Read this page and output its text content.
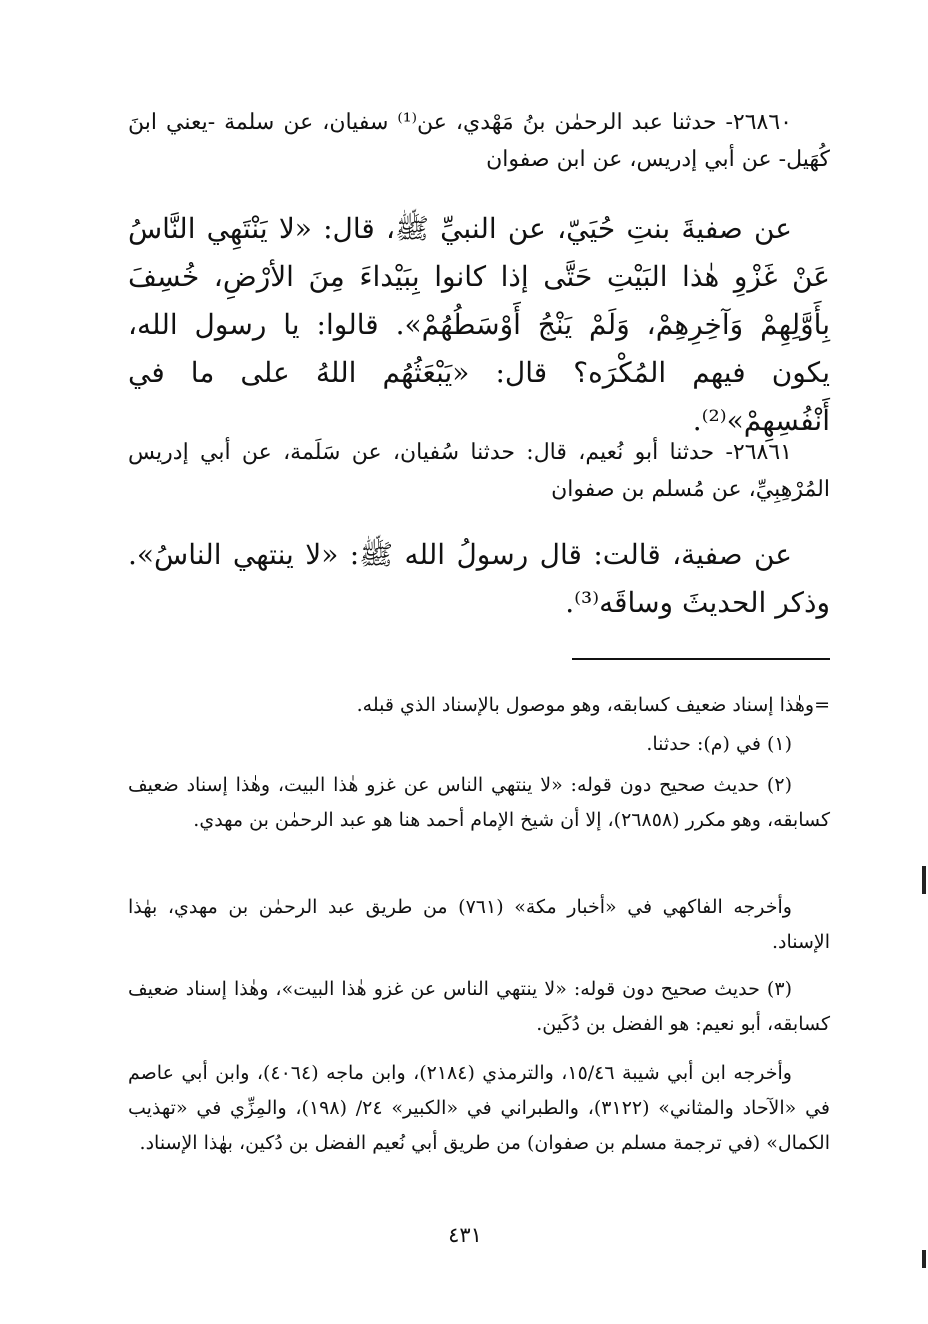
٢٦٨٦٠- حدثنا عبد الرحمٰن بنُ مَهْدي، عن⁽¹⁾ سفيان، عن سلمة -يعني ابنَ كُهَيل- عن أبي إدريس، عن ابن صفوان

عن صفيةَ بنتِ حُيَيّ، عن النبيِّ ﷺ، قال: «لا يَنْتَهِي النَّاسُ عَنْ غَزْوِ هٰذا البَيْتِ حَتَّى إذا كانوا بِبَيْداءَ مِنَ الأرْضِ، خُسِفَ بِأَوَّلِهِمْ وَآخِرِهِمْ، وَلَمْ يَنْجُ أَوْسَطُهُمْ». قالوا: يا رسول الله، يكون فيهم المُكْرَه؟ قال: «يَبْعَثُهُم اللهُ على ما في أَنْفُسِهِمْ»⁽²⁾.

٢٦٨٦١- حدثنا أبو نُعيم، قال: حدثنا سُفيان، عن سَلَمة، عن أبي إدريس المُرْهِبِيِّ، عن مُسلم بن صفوان

عن صفية، قالت: قال رسولُ الله ﷺ: «لا ينتهي الناسُ». وذكر الحديثَ وساقَه⁽³⁾.

=وهٰذا إسناد ضعيف كسابقه، وهو موصول بالإسناد الذي قبله.

(١) في (م): حدثنا.

(٢) حديث صحيح دون قوله: «لا ينتهي الناس عن غزو هٰذا البيت، وهٰذا إسناد ضعيف كسابقه، وهو مكرر (٢٦٨٥٨)، إلا أن شيخ الإمام أحمد هنا هو عبد الرحمٰن بن مهدي.

وأخرجه الفاكهي في «أخبار مكة» (٧٦١) من طريق عبد الرحمٰن بن مهدي، بهٰذا الإسناد.

(٣) حديث صحيح دون قوله: «لا ينتهي الناس عن غزو هٰذا البيت»، وهٰذا إسناد ضعيف كسابقه، أبو نعيم: هو الفضل بن دُكَين.

وأخرجه ابن أبي شيبة ١٥/٤٦، والترمذي (٢١٨٤)، وابن ماجه (٤٠٦٤)، وابن أبي عاصم في «الآحاد والمثاني» (٣١٢٢)، والطبراني في «الكبير» ٢٤/ (١٩٨)، والمِزِّي في «تهذيب الكمال» (في ترجمة مسلم بن صفوان) من طريق أبي نُعيم الفضل بن دُكين، بهٰذا الإسناد.

٤٣١
